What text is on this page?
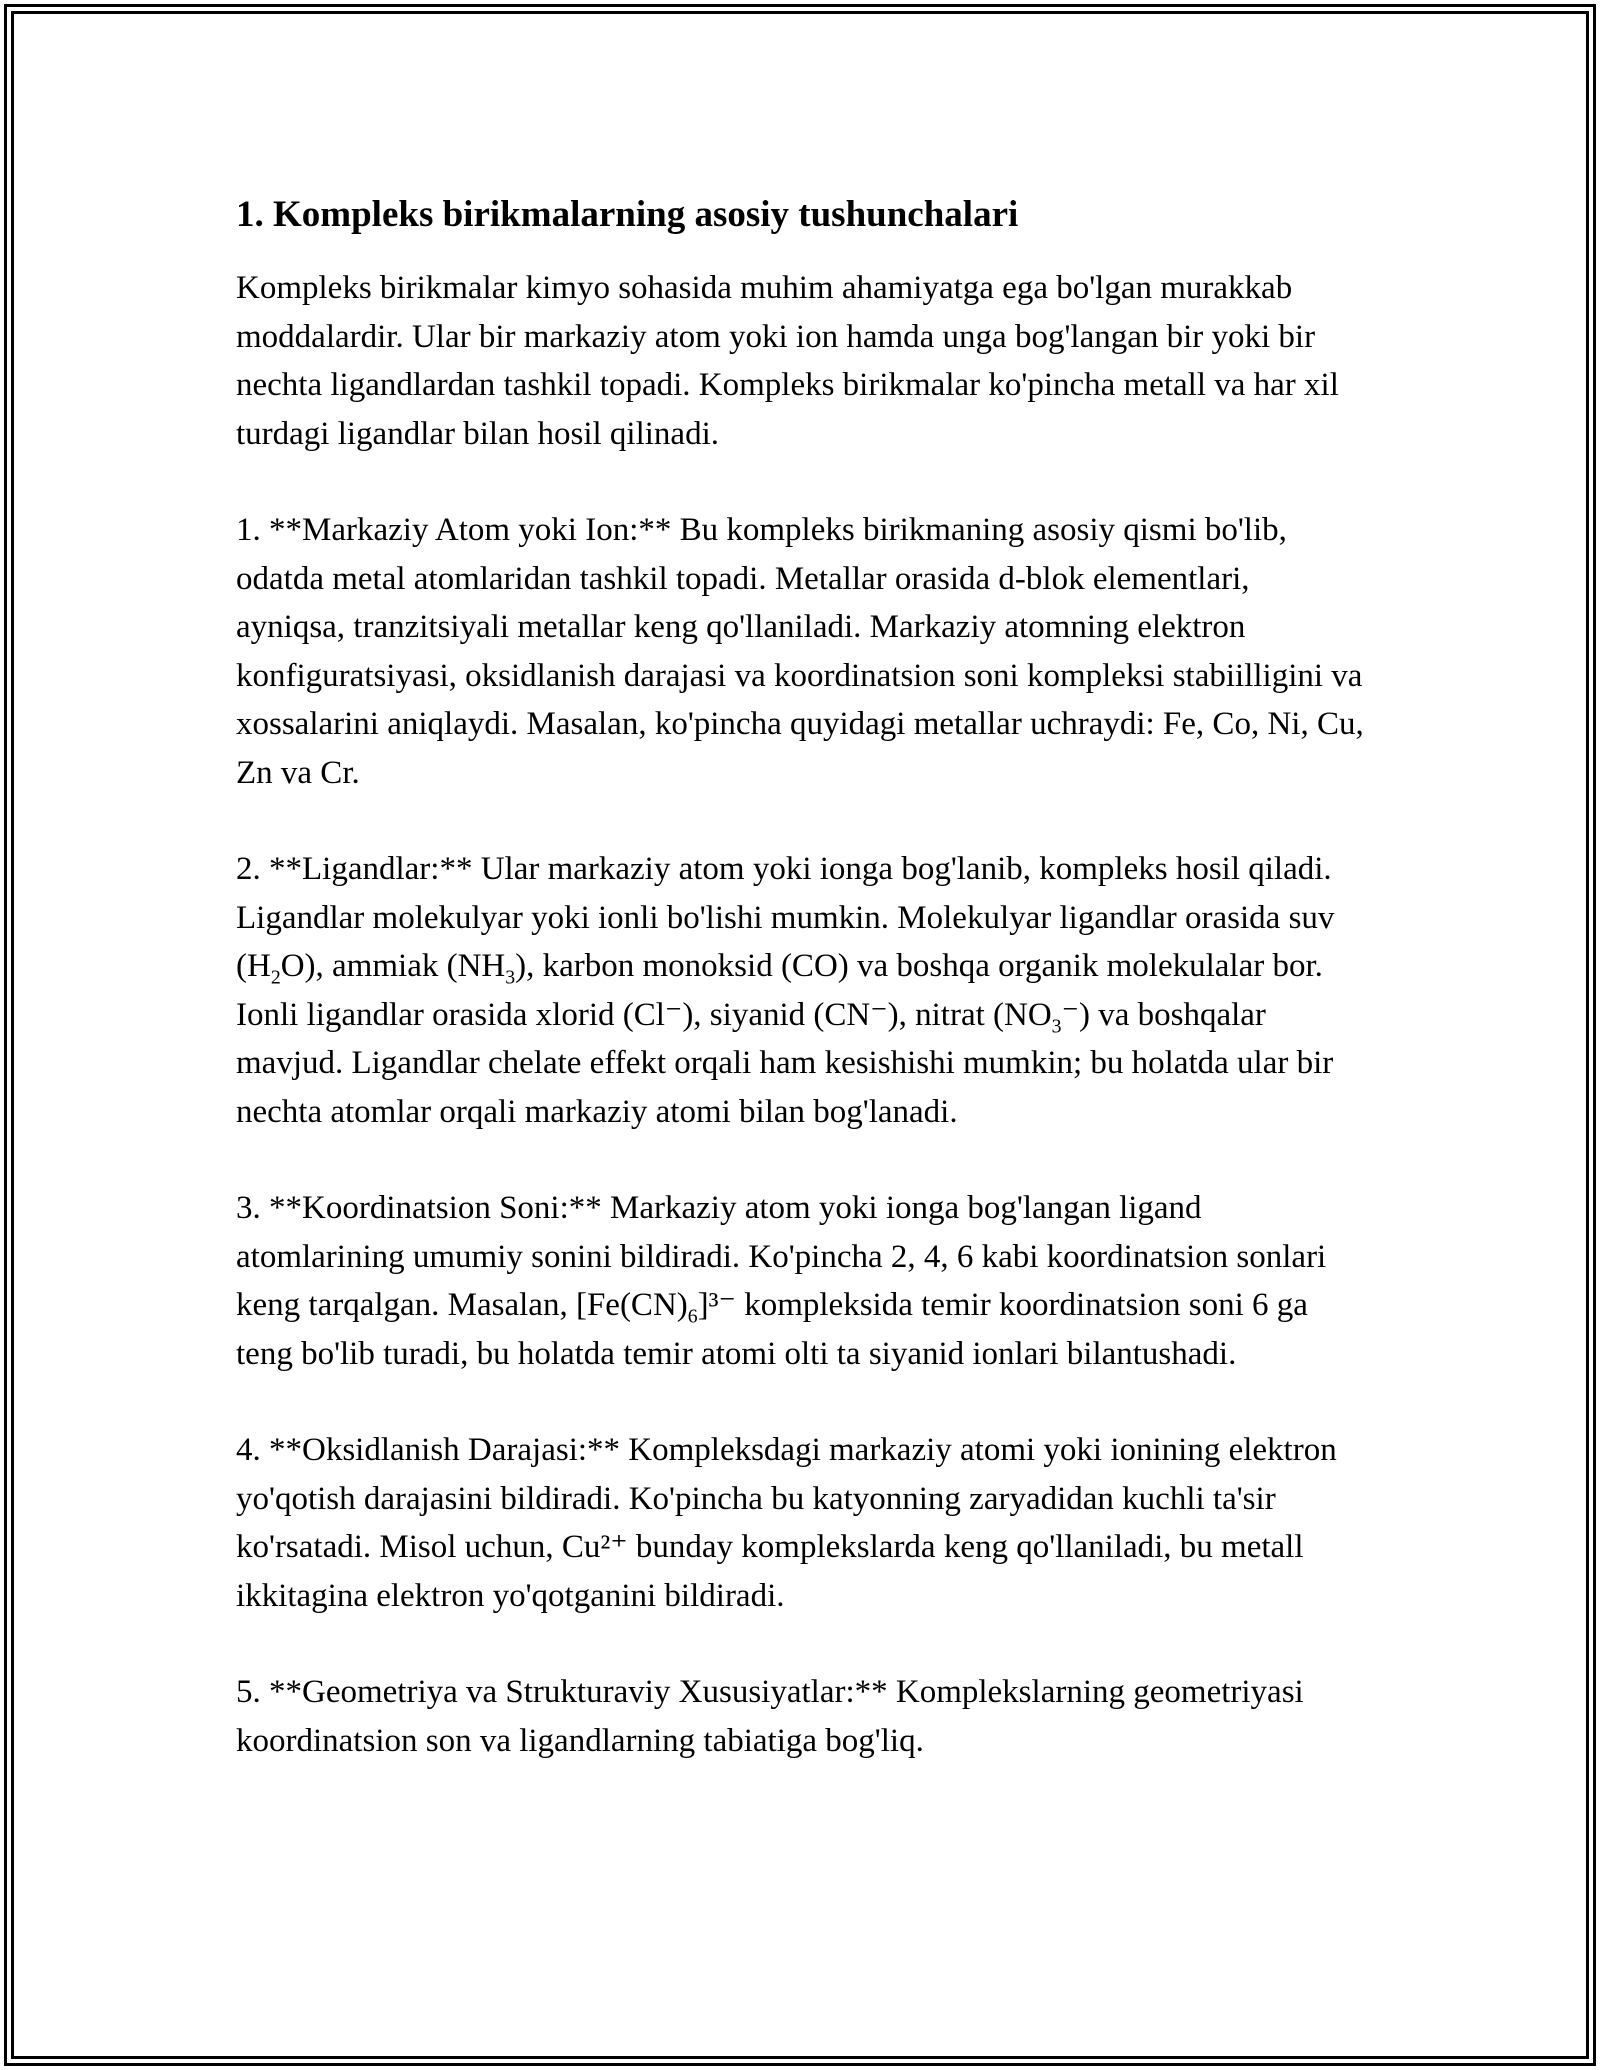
1. Kompleks birikmalarning asosiy tushunchalari

Kompleks birikmalar kimyo sohasida muhim ahamiyatga ega bo'lgan murakkab moddalardir. Ular bir markaziy atom yoki ion hamda unga bog'langan bir yoki bir nechta ligandlardan tashkil topadi. Kompleks birikmalar ko'pincha metall va har xil turdagi ligandlar bilan hosil qilinadi.

1. **Markaziy Atom yoki Ion:** Bu kompleks birikmaning asosiy qismi bo'lib, odatda metal atomlaridan tashkil topadi. Metallar orasida d-blok elementlari, ayniqsa, tranzitsiyali metallar keng qo'llaniladi. Markaziy atomning elektron konfiguratsiyasi, oksidlanish darajasi va koordinatsion soni kompleksi stabiilligini va xossalarini aniqlaydi. Masalan, ko'pincha quyidagi metallar uchraydi: Fe, Co, Ni, Cu, Zn va Cr.

2. **Ligandlar:** Ular markaziy atom yoki ionga bog'lanib, kompleks hosil qiladi. Ligandlar molekulyar yoki ionli bo'lishi mumkin. Molekulyar ligandlar orasida suv $(H_2O)$, ammiak $(NH_3)$, karbon monoksid (CO) va boshqa organik molekulalar bor. Ionli ligandlar orasida xlorid (Cl⁻), siyanid (CN⁻), nitrat $(NO_3^-)$ va boshqalar mavjud. Ligandlar chelate effekt orqali ham kesishishi mumkin; bu holatda ular bir nechta atomlar orqali markaziy atomi bilan bog'lanadi.

3. **Koordinatsion Soni:** Markaziy atom yoki ionga bog'langan ligand atomlarining umumiy sonini bildiradi. Ko'pincha 2, 4, 6 kabi koordinatsion sonlari keng tarqalgan. Masalan, $[Fe(CN)_6]^{3-}$ kompleksida temir koordinatsion soni 6 ga teng bo'lib turadi, bu holatda temir atomi olti ta siyanid ionlari bilantushadi.

4. **Oksidlanish Darajasi:** Kompleksdagi markaziy atomi yoki ionining elektron yo'qotish darajasini bildiradi. Ko'pincha bu katyonning zaryadidan kuchli ta'sir ko'rsatadi. Misol uchun, Cu²⁺ bunday komplekslarda keng qo'llaniladi, bu metall ikkitagina elektron yo'qotganini bildiradi.

5. **Geometriya va Strukturaviy Xususiyatlar:** Komplekslarning geometriyasi koordinatsion son va ligandlarning tabiatiga bog'liq.
